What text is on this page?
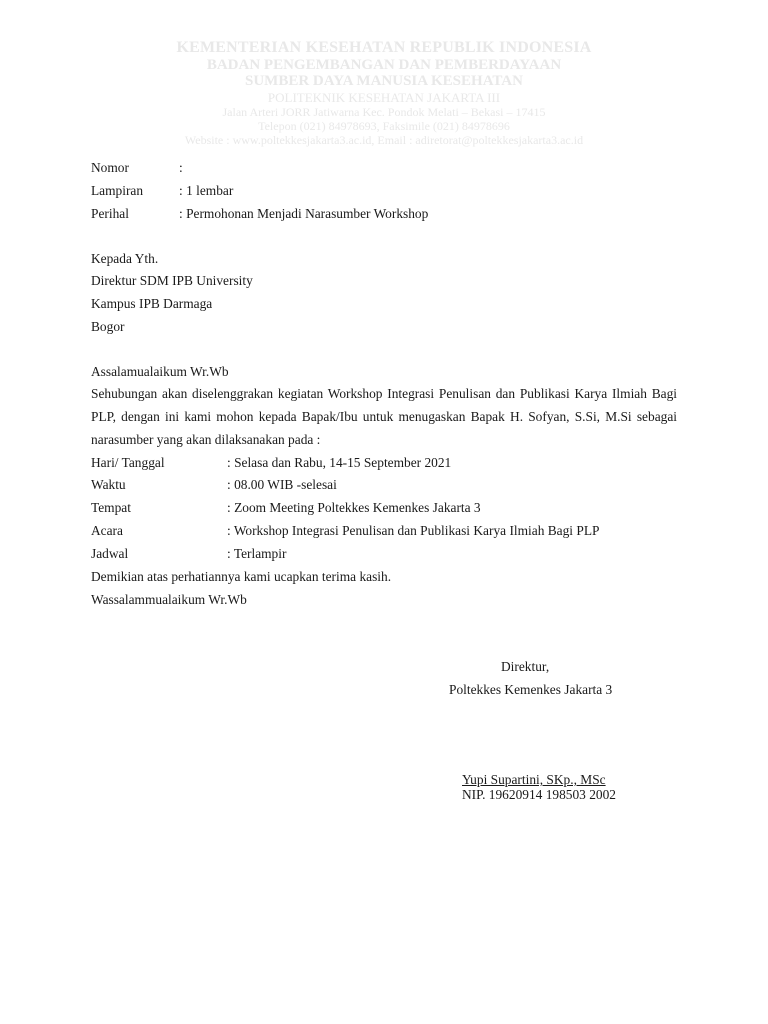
KEMENTERIAN KESEHATAN REPUBLIK INDONESIA
BADAN PENGEMBANGAN DAN PEMBERDAYAAN
SUMBER DAYA MANUSIA KESEHATAN
POLITEKNIK KESEHATAN JAKARTA III
Jalan Arteri JORR Jatiwarna Kec. Pondok Melati – Bekasi – 17415
Telepon (021) 84978693, Faksimile (021) 84978696
Website : www.poltekkesjakarta3.ac.id, Email : adiretorat@poltekkesjakarta3.ac.id
Nomor	:
Lampiran	: 1 lembar
Perihal	: Permohonan Menjadi Narasumber Workshop
Kepada Yth.
Direktur SDM IPB University
Kampus IPB Darmaga
Bogor
Assalamualaikum Wr.Wb
Sehubungan akan diselenggrakan kegiatan Workshop Integrasi Penulisan dan Publikasi Karya Ilmiah Bagi PLP, dengan ini kami mohon kepada Bapak/Ibu untuk menugaskan Bapak H. Sofyan, S.Si, M.Si sebagai narasumber yang akan dilaksanakan pada :
Hari/ Tanggal	: Selasa dan Rabu, 14-15 September 2021
Waktu	: 08.00 WIB -selesai
Tempat	: Zoom Meeting Poltekkes Kemenkes Jakarta 3
Acara	: Workshop Integrasi Penulisan dan Publikasi Karya Ilmiah Bagi PLP
Jadwal	: Terlampir
Demikian atas perhatiannya kami ucapkan terima kasih.
Wassalammualaikum Wr.Wb
Direktur,
Poltekkes Kemenkes Jakarta 3
Yupi Supartini, SKp., MSc
NIP. 19620914 198503 2002
